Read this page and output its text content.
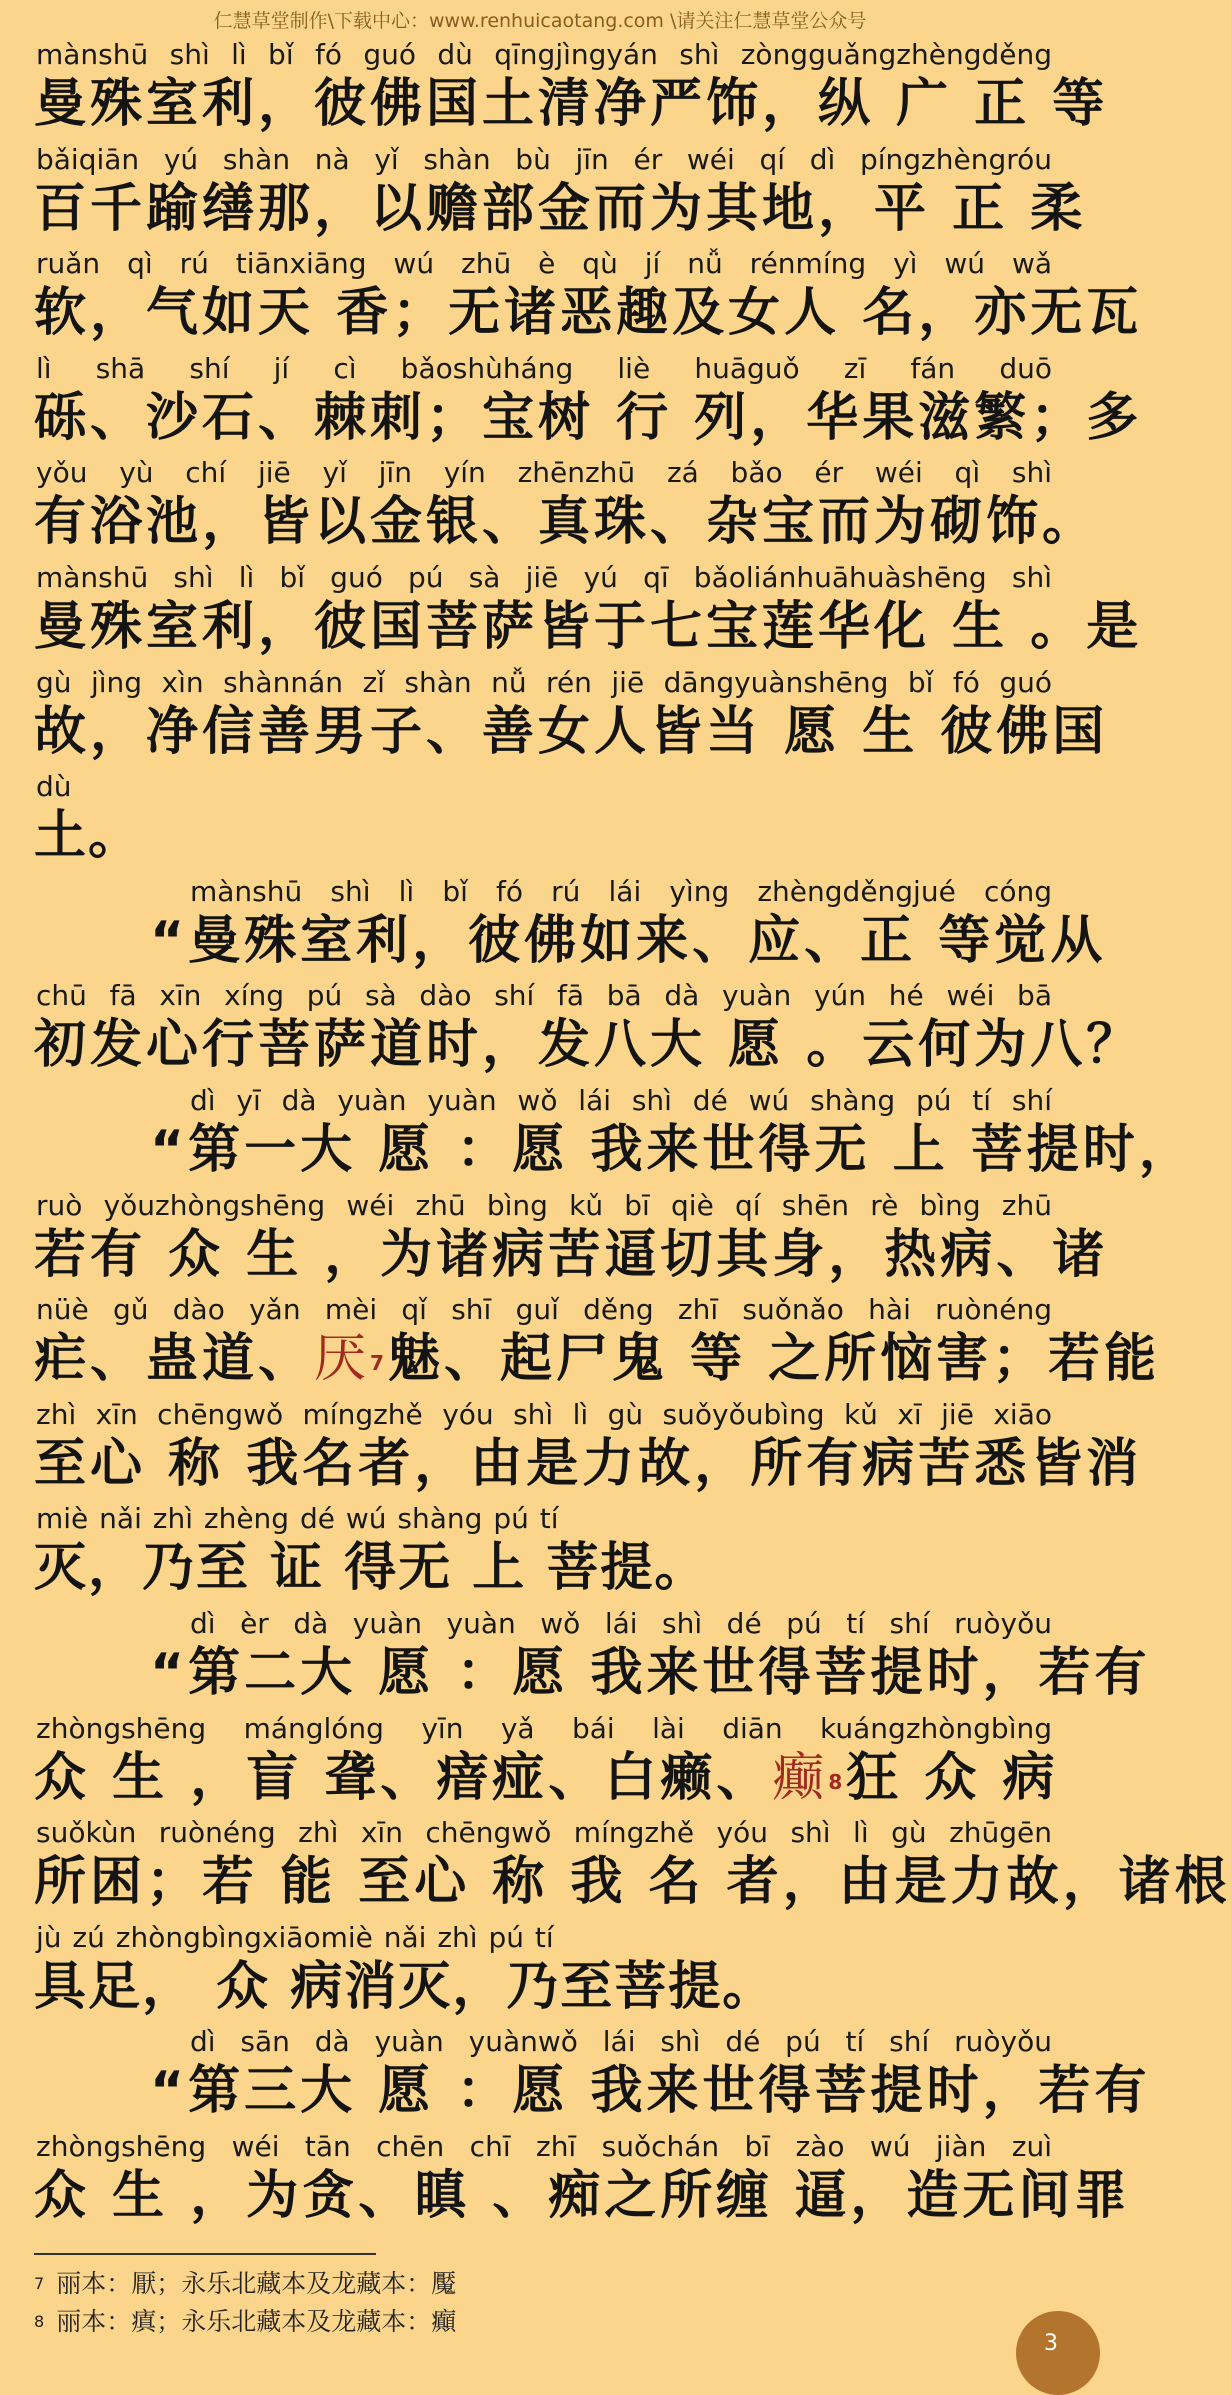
仁慧草堂制作\下载中心：www.renhuicaotang.com \请关注仁慧草堂公众号
mànshū shì lì bǐ fó guó dù qīngjìngyán shì zòngguǎngzhèngděng
曼殊室利，彼佛国土清净严饰，纵 广 正 等
bǎiqiān yú shàn nà yǐ shàn bù jīn ér wéi qí dì píngzhèngróu
百千踰缮那，以赡部金而为其地，平 正 柔
ruǎn qì rú tiānxiāng wú zhū è qù jí nǚ rénmíng yì wú wǎ
软，气如天 香；无诸恶趣及女人 名，亦无瓦
lì shā shí jí cì bǎoshùháng liè huāguǒ zī fán duō
砾、沙石、棘刺；宝树 行 列，华果滋繁；多
yǒu yù chí jiē yǐ jīn yín zhēnzhū zá bǎo ér wéi qì shì
有浴池，皆以金银、真珠、杂宝而为砌饰。
mànshū shì lì bǐ guó pú sà jiē yú qī bǎoliánhuāhuàshēng shì
曼殊室利，彼国菩萨皆于七宝莲华化 生 。是
gù jìng xìn shànnán zǐ shàn nǚ rén jiē dāngyuànshēng bǐ fó guó
故，净信善男子、善女人皆当 愿 生 彼佛国
dù
土。
mànshū shì lì bǐ fó rú lái yìng zhèngděngjué cóng
“曼殊室利，彼佛如来、应、正 等觉从
chū fā xīn xíng pú sà dào shí fā bā dà yuàn yún hé wéi bā
初发心行菩萨道时，发八大 愿 。云何为八？
dì yī dà yuàn yuàn wǒ lái shì dé wú shàng pú tí shí
“第一大 愿 ：愿 我来世得无 上 菩提时，
ruò yǒuzhòngshēng wéi zhū bìng kǔ bī qiè qí shēn rè bìng zhū
若有 众 生 ，为诸病苦逼切其身，热病、诸
nüè gǔ dào yǎn mèi qǐ shī guǐ děng zhī suǒnǎo hài ruònéng
疟、蛊道、厌$^7$魅、起尸鬼 等 之所恼害；若能
zhì xīn chēngwǒ míngzhě yóu shì lì gù suǒyǒubìng kǔ xī jiē xiāo
至心 称 我名者，由是力故，所有病苦悉皆消
miè nǎi zhì zhèng dé wú shàng pú tí
灭，乃至 证 得无 上 菩提。
dì èr dà yuàn yuàn wǒ lái shì dé pú tí shí ruòyǒu
“第二大 愿 ：愿 我来世得菩提时，若有
zhòngshēng mánglóng yīn yǎ bái lài diān kuángzhòngbìng
众 生 ，盲 聋、瘖痖、白癞、癫$^8$狂 众 病
suǒkùn ruònéng zhì xīn chēngwǒ míngzhě yóu shì lì gù zhūgēn
所困；若 能 至心 称 我 名 者，由是力故，诸根
jù zú zhòngbìngxiāomiè nǎi zhì pú tí
具足， 众 病消灭，乃至菩提。
dì sān dà yuàn yuànwǒ lái shì dé pú tí shí ruòyǒu
“第三大 愿 ：愿 我来世得菩提时，若有
zhòngshēng wéi tān chēn chī zhī suǒchán bī zào wú jiàn zuì
众 生 ，为贪、瞋 、痴之所缠 逼，造无间罪
$^7$ 丽本：厭；永乐北藏本及龙藏本：魘
$^8$ 丽本：瘨；永乐北藏本及龙藏本：癲
3
